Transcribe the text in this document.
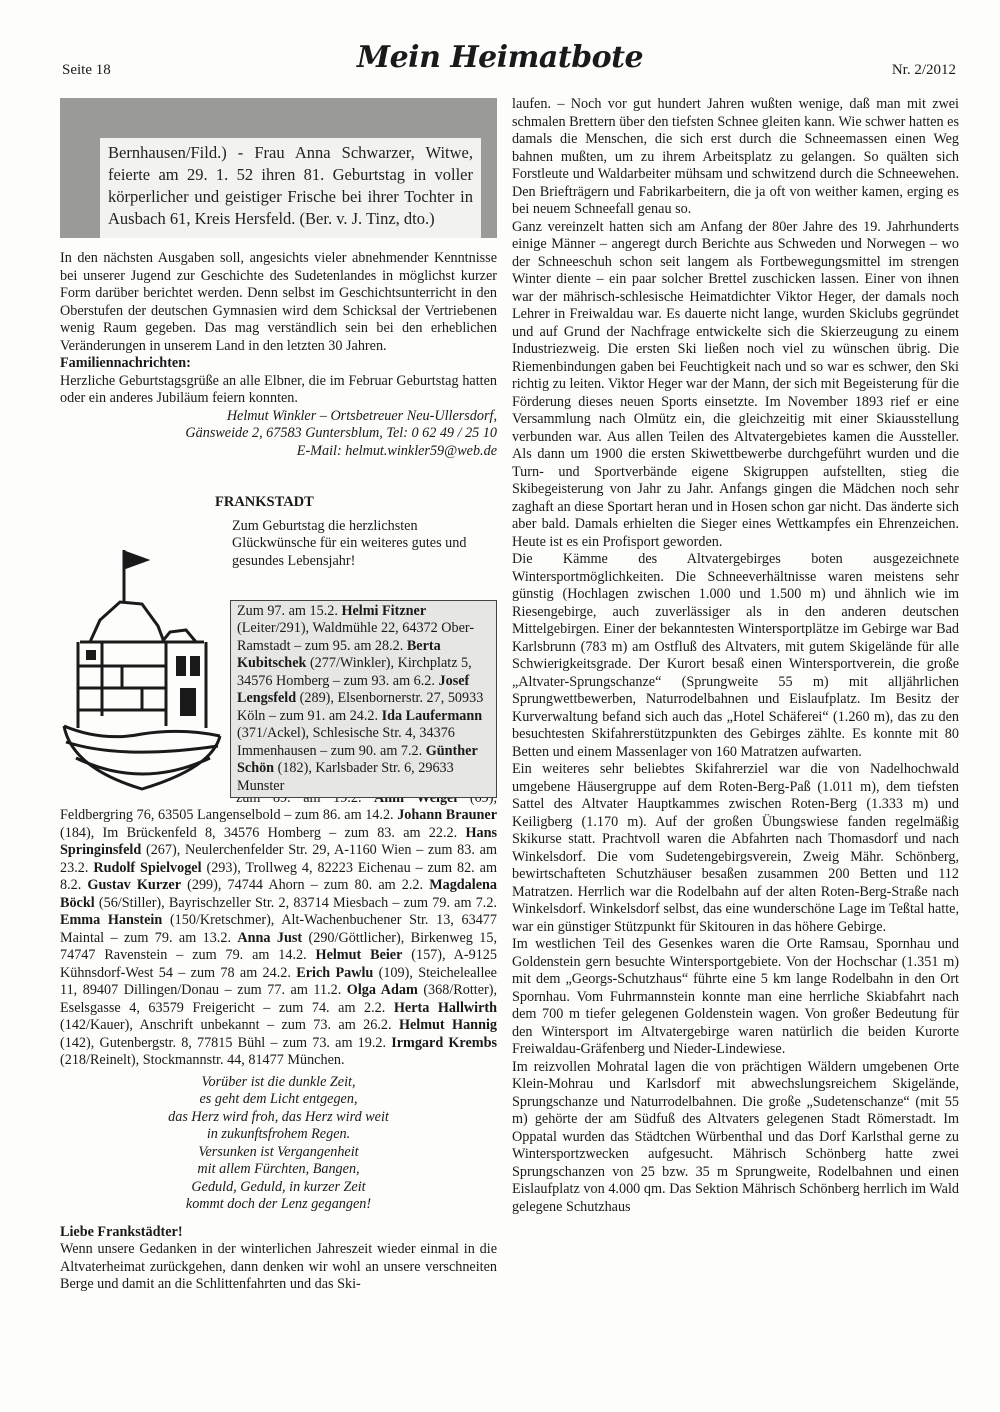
Seite 18	Mein Heimatbote	Nr. 2/2012
Bernhausen/Fild.) - Frau Anna Schwarzer, Witwe, feierte am 29. 1. 52 ihren 81. Geburtstag in voller körperlicher und geistiger Frische bei ihrer Tochter in Ausbach 61, Kreis Hersfeld. (Ber. v. J. Tinz, dto.)

In den nächsten Ausgaben soll, angesichts vieler abnehmender Kenntnisse bei unserer Jugend zur Geschichte des Sudetenlandes in möglichst kurzer Form darüber berichtet werden. Denn selbst im Geschichtsunterricht in den Oberstufen der deutschen Gymnasien wird dem Schicksal der Vertriebenen wenig Raum gegeben. Das mag verständlich sein bei den erheblichen Veränderungen in unserem Land in den letzten 30 Jahren.

Familiennachrichten:

Herzliche Geburtstagsgrüße an alle Elbner, die im Februar Geburtstag hatten oder ein anderes Jubiläum feiern konnten.

Helmut Winkler – Ortsbetreuer Neu-Ullersdorf,

Gänsweide 2, 67583 Guntersblum, Tel: 0 62 49 / 25 10

E-Mail: helmut.winkler59@web.de

FRANKSTADT

Zum Geburtstag die herzlichsten Glückwünsche für ein weiteres gutes und gesundes Lebensjahr!

Zum 97. am 15.2. Helmi Fitzner (Leiter/291), Waldmühle 22, 64372 Ober-Ramstadt – zum 95. am 28.2. Berta Kubitschek (277/Winkler), Kirchplatz 5, 34576 Homberg – zum 93. am 6.2. Josef Lengsfeld (289), Elsenbornerstr. 27, 50933 Köln – zum 91. am 24.2. Ida Laufermann (371/Ackel), Schlesische Str. 4, 34376 Immenhausen – zum 90. am 7.2. Günther Schön (182), Karlsbader Str. 6, 29633 Munster

Feldbergring 76, 63505 Langenselbold – zum 86. am 14.2. Johann Brauner (184), Im Brückenfeld 8, 34576 Homberg – zum 83. am 22.2. Hans Springinsfeld (267), Neulerchenfelder Str. 29, A-1160 Wien – zum 83. am 23.2. Rudolf Spielvogel (293), Trollweg 4, 82223 Eichenau – zum 82. am 8.2. Gustav Kurzer (299), 74744 Ahorn – zum 80. am 2.2. Magdalena Böckl (56/Stiller), Bayrischzeller Str. 2, 83714 Miesbach – zum 79. am 7.2. Emma Hanstein (150/Kretschmer), Alt-Wachenbuchener Str. 13, 63477 Maintal – zum 79. am 13.2. Anna Just (290/Göttlicher), Birkenweg 15, 74747 Ravenstein – zum 79. am 14.2. Helmut Beier (157), A-9125 Kühnsdorf-West 54 – zum 78 am 24.2. Erich Pawlu (109), Steicheleallee 11, 89407 Dillingen/Donau – zum 77. am 11.2. Olga Adam (368/Rotter), Eselsgasse 4, 63579 Freigericht – zum 74. am 2.2. Herta Hallwirth (142/Kauer), Anschrift unbekannt – zum 73. am 26.2. Helmut Hannig (142), Gutenbergstr. 8, 77815 Bühl – zum 73. am 19.2. Irmgard Krembs (218/Reinelt), Stockmannstr. 44, 81477 München.

Vorüber ist die dunkle Zeit,
es geht dem Licht entgegen,
das Herz wird froh, das Herz wird weit
in zukunftsfrohem Regen.
Versunken ist Vergangenheit
mit allem Fürchten, Bangen,
Geduld, Geduld, in kurzer Zeit
kommt doch der Lenz gegangen!

Liebe Frankstädter!

Wenn unsere Gedanken in der winterlichen Jahreszeit wieder einmal in die Altvaterheimat zurückgehen, dann denken wir wohl an unsere verschneiten Berge und damit an die Schlittenfahrten und das Ski-

laufen. – Noch vor gut hundert Jahren wußten wenige, daß man mit zwei schmalen Brettern über den tiefsten Schnee gleiten kann. Wie schwer hatten es damals die Menschen, die sich erst durch die Schneemassen einen Weg bahnen mußten, um zu ihrem Arbeitsplatz zu gelangen. So quälten sich Forstleute und Waldarbeiter mühsam und schwitzend durch die Schneewehen. Den Briefträgern und Fabrikarbeitern, die ja oft von weither kamen, erging es bei neuem Schneefall genau so.

Ganz vereinzelt hatten sich am Anfang der 80er Jahre des 19. Jahrhunderts einige Männer – angeregt durch Berichte aus Schweden und Norwegen – wo der Schneeschuh schon seit langem als Fortbewegungsmittel im strengen Winter diente – ein paar solcher Brettel zuschicken lassen. Einer von ihnen war der mährisch-schlesische Heimatdichter Viktor Heger, der damals noch Lehrer in Freiwaldau war. Es dauerte nicht lange, wurden Skiclubs gegründet und auf Grund der Nachfrage entwickelte sich die Skierzeugung zu einem Industriezweig. Die ersten Ski ließen noch viel zu wünschen übrig. Die Riemenbindungen gaben bei Feuchtigkeit nach und so war es schwer, den Ski richtig zu leiten. Viktor Heger war der Mann, der sich mit Begeisterung für die Förderung dieses neuen Sports einsetzte. Im November 1893 rief er eine Versammlung nach Olmütz ein, die gleichzeitig mit einer Skiausstellung verbunden war. Aus allen Teilen des Altvatergebietes kamen die Aussteller. Als dann um 1900 die ersten Skiwettbewerbe durchgeführt wurden und die Turn- und Sportverbände eigene Skigruppen aufstellten, stieg die Skibegeisterung von Jahr zu Jahr. Anfangs gingen die Mädchen noch sehr zaghaft an diese Sportart heran und in Hosen schon gar nicht. Das änderte sich aber bald. Damals erhielten die Sieger eines Wettkampfes ein Ehrenzeichen. Heute ist es ein Profisport geworden.

Die Kämme des Altvatergebirges boten ausgezeichnete Wintersportmöglichkeiten. Die Schneeverhältnisse waren meistens sehr günstig (Hochlagen zwischen 1.000 und 1.500 m) und ähnlich wie im Riesengebirge, auch zuverlässiger als in den anderen deutschen Mittelgebirgen. Einer der bekanntesten Wintersportplätze im Gebirge war Bad Karlsbrunn (783 m) am Ostfluß des Altvaters, mit gutem Skigelände für alle Schwierigkeitsgrade. Der Kurort besaß einen Wintersportverein, die große „Altvater-Sprungschanze“ (Sprungweite 55 m) mit alljährlichen Sprungwettbewerben, Naturrodelbahnen und Eislaufplatz. Im Besitz der Kurverwaltung befand sich auch das „Hotel Schäferei“ (1.260 m), das zu den besuchtesten Skifahrerstützpunkten des Gebirges zählte. Es konnte mit 80 Betten und einem Massenlager von 160 Matratzen aufwarten.

Ein weiteres sehr beliebtes Skifahrerziel war die von Nadelhochwald umgebene Häusergruppe auf dem Roten-Berg-Paß (1.011 m), dem tiefsten Sattel des Altvater Hauptkammes zwischen Roten-Berg (1.333 m) und Keiligberg (1.170 m). Auf der großen Übungswiese fanden regelmäßig Skikurse statt. Prachtvoll waren die Abfahrten nach Thomasdorf und nach Winkelsdorf. Die vom Sudetengebirgsverein, Zweig Mähr. Schönberg, bewirtschafteten Schutzhäuser besaßen zusammen 200 Betten und 112 Matratzen. Herrlich war die Rodelbahn auf der alten Roten-Berg-Straße nach Winkelsdorf. Winkelsdorf selbst, das eine wunderschöne Lage im Teßtal hatte, war ein günstiger Stützpunkt für Skitouren in das höhere Gebirge.

Im westlichen Teil des Gesenkes waren die Orte Ramsau, Spornhau und Goldenstein gern besuchte Wintersportgebiete. Von der Hochschar (1.351 m) mit dem „Georgs-Schutzhaus“ führte eine 5 km lange Rodelbahn in den Ort Spornhau. Vom Fuhrmannstein konnte man eine herrliche Skiabfahrt nach dem 700 m tiefer gelegenen Goldenstein wagen. Von großer Bedeutung für den Wintersport im Altvatergebirge waren natürlich die beiden Kurorte Freiwaldau-Gräfenberg und Nieder-Lindewiese.

Im reizvollen Mohratal lagen die von prächtigen Wäldern umgebenen Orte Klein-Mohrau und Karlsdorf mit abwechslungsreichem Skigelände, Sprungschanze und Naturrodelbahnen. Die große „Sudetenschanze“ (mit 55 m) gehörte der am Südfuß des Altvaters gelegenen Stadt Römerstadt. Im Oppatal wurden das Städtchen Würbenthal und das Dorf Karlsthal gerne zu Wintersportzwecken aufgesucht. Mährisch Schönberg hatte zwei Sprungschanzen von 25 bzw. 35 m Sprungweite, Rodelbahnen und einen Eislaufplatz von 4.000 qm. Das Sektion Mährisch Schönberg herrlich im Wald gelegene Schutzhaus
